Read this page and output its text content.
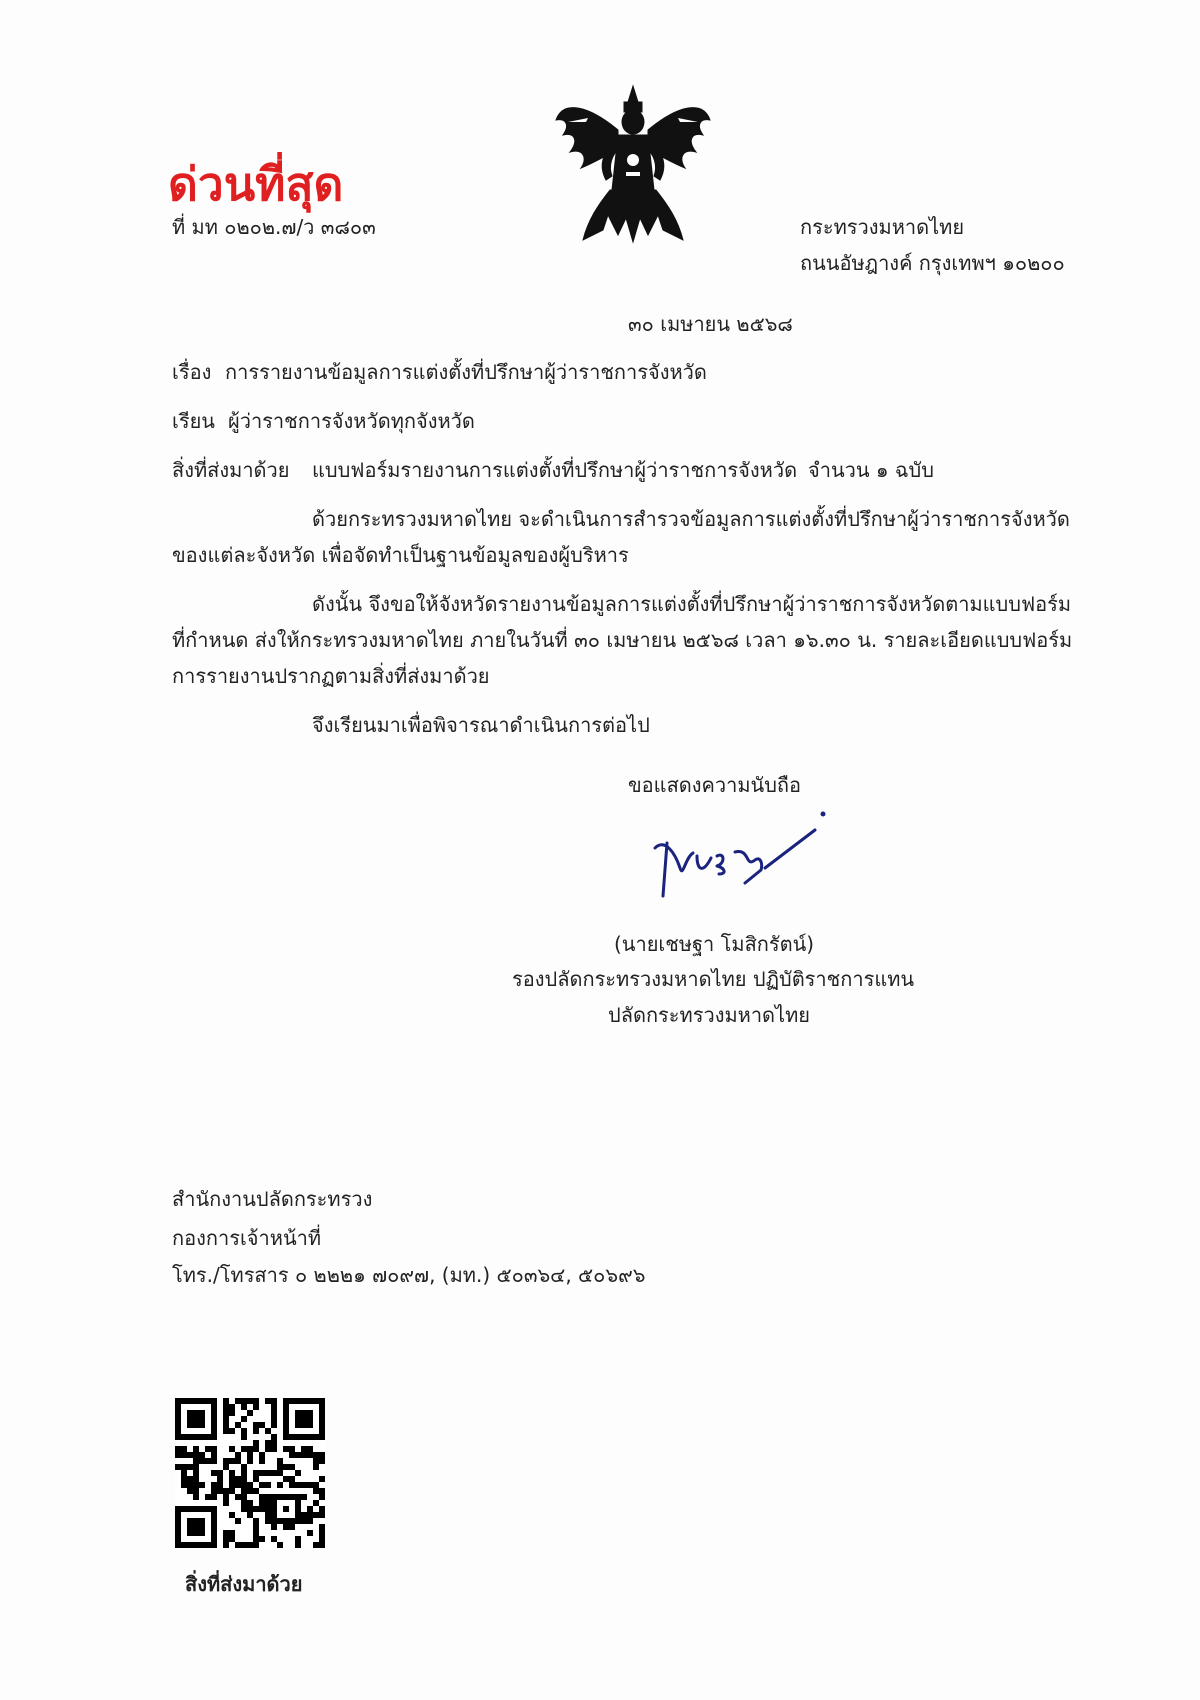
ด่วนที่สุด
ที่ มท ๐๒๐๒.๗/ว ๓๘๐๓	กระทรวงมหาดไทย
ถนนอัษฎางค์ กรุงเทพฯ ๑๐๒๐๐
๓๐ เมษายน ๒๕๖๘
เรื่อง การรายงานข้อมูลการแต่งตั้งที่ปรึกษาผู้ว่าราชการจังหวัด
เรียน ผู้ว่าราชการจังหวัดทุกจังหวัด
สิ่งที่ส่งมาด้วย แบบฟอร์มรายงานการแต่งตั้งที่ปรึกษาผู้ว่าราชการจังหวัด จำนวน ๑ ฉบับ
ด้วยกระทรวงมหาดไทย จะดำเนินการสำรวจข้อมูลการแต่งตั้งที่ปรึกษาผู้ว่าราชการจังหวัด
ของแต่ละจังหวัด เพื่อจัดทำเป็นฐานข้อมูลของผู้บริหาร
ดังนั้น จึงขอให้จังหวัดรายงานข้อมูลการแต่งตั้งที่ปรึกษาผู้ว่าราชการจังหวัดตามแบบฟอร์ม
ที่กำหนด ส่งให้กระทรวงมหาดไทย ภายในวันที่ ๓๐ เมษายน ๒๕๖๘ เวลา ๑๖.๓๐ น. รายละเอียดแบบฟอร์ม
การรายงานปรากฏตามสิ่งที่ส่งมาด้วย
จึงเรียนมาเพื่อพิจารณาดำเนินการต่อไป
ขอแสดงความนับถือ
(นายเชษฐา โมสิกรัตน์)
รองปลัดกระทรวงมหาดไทย ปฏิบัติราชการแทน
ปลัดกระทรวงมหาดไทย
สำนักงานปลัดกระทรวง
กองการเจ้าหน้าที่
โทร./โทรสาร ๐ ๒๒๒๑ ๗๐๙๗, (มท.) ๕๐๓๖๔, ๕๐๖๙๖
สิ่งที่ส่งมาด้วย
